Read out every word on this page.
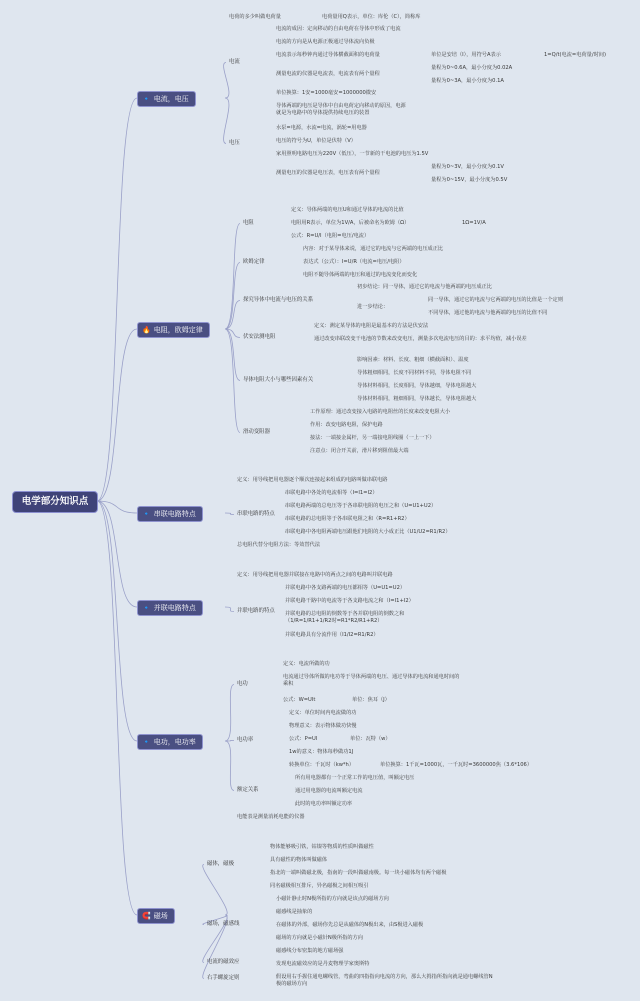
电学部分知识点
🔹 电流，电压
🔥 电阻，欧姆定律
🔹 串联电路特点
🔹 并联电路特点
🔹 电功，电功率
🧲 磁场
电流
电压
电阻
欧姆定律
探究导体中电流与电压的关系
伏安法测电阻
导体电阻大小与哪些因素有关
滑动变阻器
串联电路的特点
并联电路的特点
电功
电功率
额定关系
磁体，磁极
磁场，磁感线
电流的磁效应
右手螺旋定则
电荷的多少叫做电荷量	电荷量用Q表示，单位：库伦（C），简称库
电流的成因：定向移动的自由电荷在导体中形成了电流
电流的方向是从电源正极通过导体流向负极
电流表示每秒钟内通过导体横截面积的电荷量	单位是安培（I），用符号A表示	1=Q/t(电流=电荷量/时间)
测量电流的仪器是电流表，电流表有两个量程
量程为0~0.6A，最小分度为0.02A
量程为0~3A，最小分度为0.1A
单位换算：1安=1000毫安=1000000微安
导体两端的电压是导体中自由电荷定向移动的原因，电源就是为电路中的导体提供持续电压的装置
水泵=电源，水流=电流，涡轮=用电器
电压的符号为U，单位是伏特（V）
家用照明电路电压为220V（低压），一节新的干电池的电压为1.5V
测量电压的仪器是电压表，电压表有两个量程
量程为0~3V，最小分度为0.1V
量程为0~15V，最小分度为0.5V
定义：导体两端的电压U和通过导体的电流的比值
电阻用R表示，单位为1V/A，后被命名为欧姆（Ω）	1Ω=1V/A
公式：R=U/I（电阻=电压/电流）
内容：对于某导体来说，通过它的电流与它两端的电压成正比
表达式（公式）：I=U/R（电流=电压/电阻）
电阻不随导体两端的电压和通过的电流变化而变化
初步结论：同一导体，通过它的电流与他两端的电压成正比
同一导体，通过它的电流与它两端的电压的比值是一个定则
进一步结论：
不同导体，通过他的电流与他两端的电压的比值不同
定义：测定某导体的电阻是最基本的方法是伏安法
通过改变串联改变干电池的节数来改变电压，测量多次电流电压的目的：求平均值，减小误差
影响因素：材料、长度、粗细（横截面积）、温度
导体粗细相同，长度不同材料不同，导体电阻不同
导体材料相同，长度相同，导体越细，导体电阻越大
导体材料相同，粗细相同，导体越长，导体电阻越大
工作原理：通过改变接入电路的电阻丝的长度来改变电阻大小
作用：改变电路电阻，保护电路
接法：一端接金属杆，另一端接电阻线圈（一上一下）
注意点：闭合开关前，滑片移到阻值最大端
定义：用导线把用电器逐个顺次连接起来组成的电路叫做串联电路
串联电路中各处的电流相等（I=I1=I2）
串联电路两端的总电压等于各串联电阻的电压之和（U=U1+U2）
串联电路的总电阻等于各串联电阻之和（R=R1+R2）
串联电路中各电阻两端电压跟他们电阻的大小成正比（U1/U2=R1/R2）
总电阻代替分电阻方法：等效替代法
定义：用导线把用电器并联接在电路中的两点之间的电路叫并联电路
并联电路中各支路两端的电压都相等（U=U1=U2）
并联电路干路中的电流等于各支路电流之和（I=I1+I2）
并联电路的总电阻的倒数等于各并联电阻的倒数之和（1/R=1/R1+1/R2时=R1*R2/R1+R2）
并联电路具有分流作用（I1/I2=R1/R2）
定义：电流所做的功
电流通过导体所做的电功等于导体两端的电压、通过导体的电流和通电时间的乘积
公式：W=UIt	单位：焦耳（J）
定义：单位时间内电流做的功
物理意义：表示物体做功快慢
公式：P=UI	单位：瓦特（w）
1w的意义：物体每秒做功1J
转换单位：千瓦时（kw*h）	单位换算：1千瓦=1000瓦，一千瓦时=3600000焦（3.6*106）
所有用电器都有一个正常工作的电压值，叫额定电压
通过用电器的电流叫额定电流
此时的电功率叫额定功率
电能表是测量消耗电能的仪器
物体能够吸引铁，钴镍等物质的性质叫做磁性
具有磁性的物体叫做磁体
指北的一端叫做磁北极，指南的一段叫做磁南极。每一块小磁体均有两个磁极
同名磁极相互排斥，异名磁极之间相互吸引
小磁针静止时N极所指的方向就是该点的磁场方向
磁感线是抽象的
在磁体的外部，磁场你先总是从磁体的N极出来，由S极进入磁极
磁场的方向就是小磁针N极所指的方向
磁感线分布密集的地方磁场强
发现电流磁效应的是丹麦物理学家奥斯特
假设用右手握住通电螺线管，弯曲的四指指向电流的方向，那么大拇指所指向就是通电螺线管N极的磁场方向
